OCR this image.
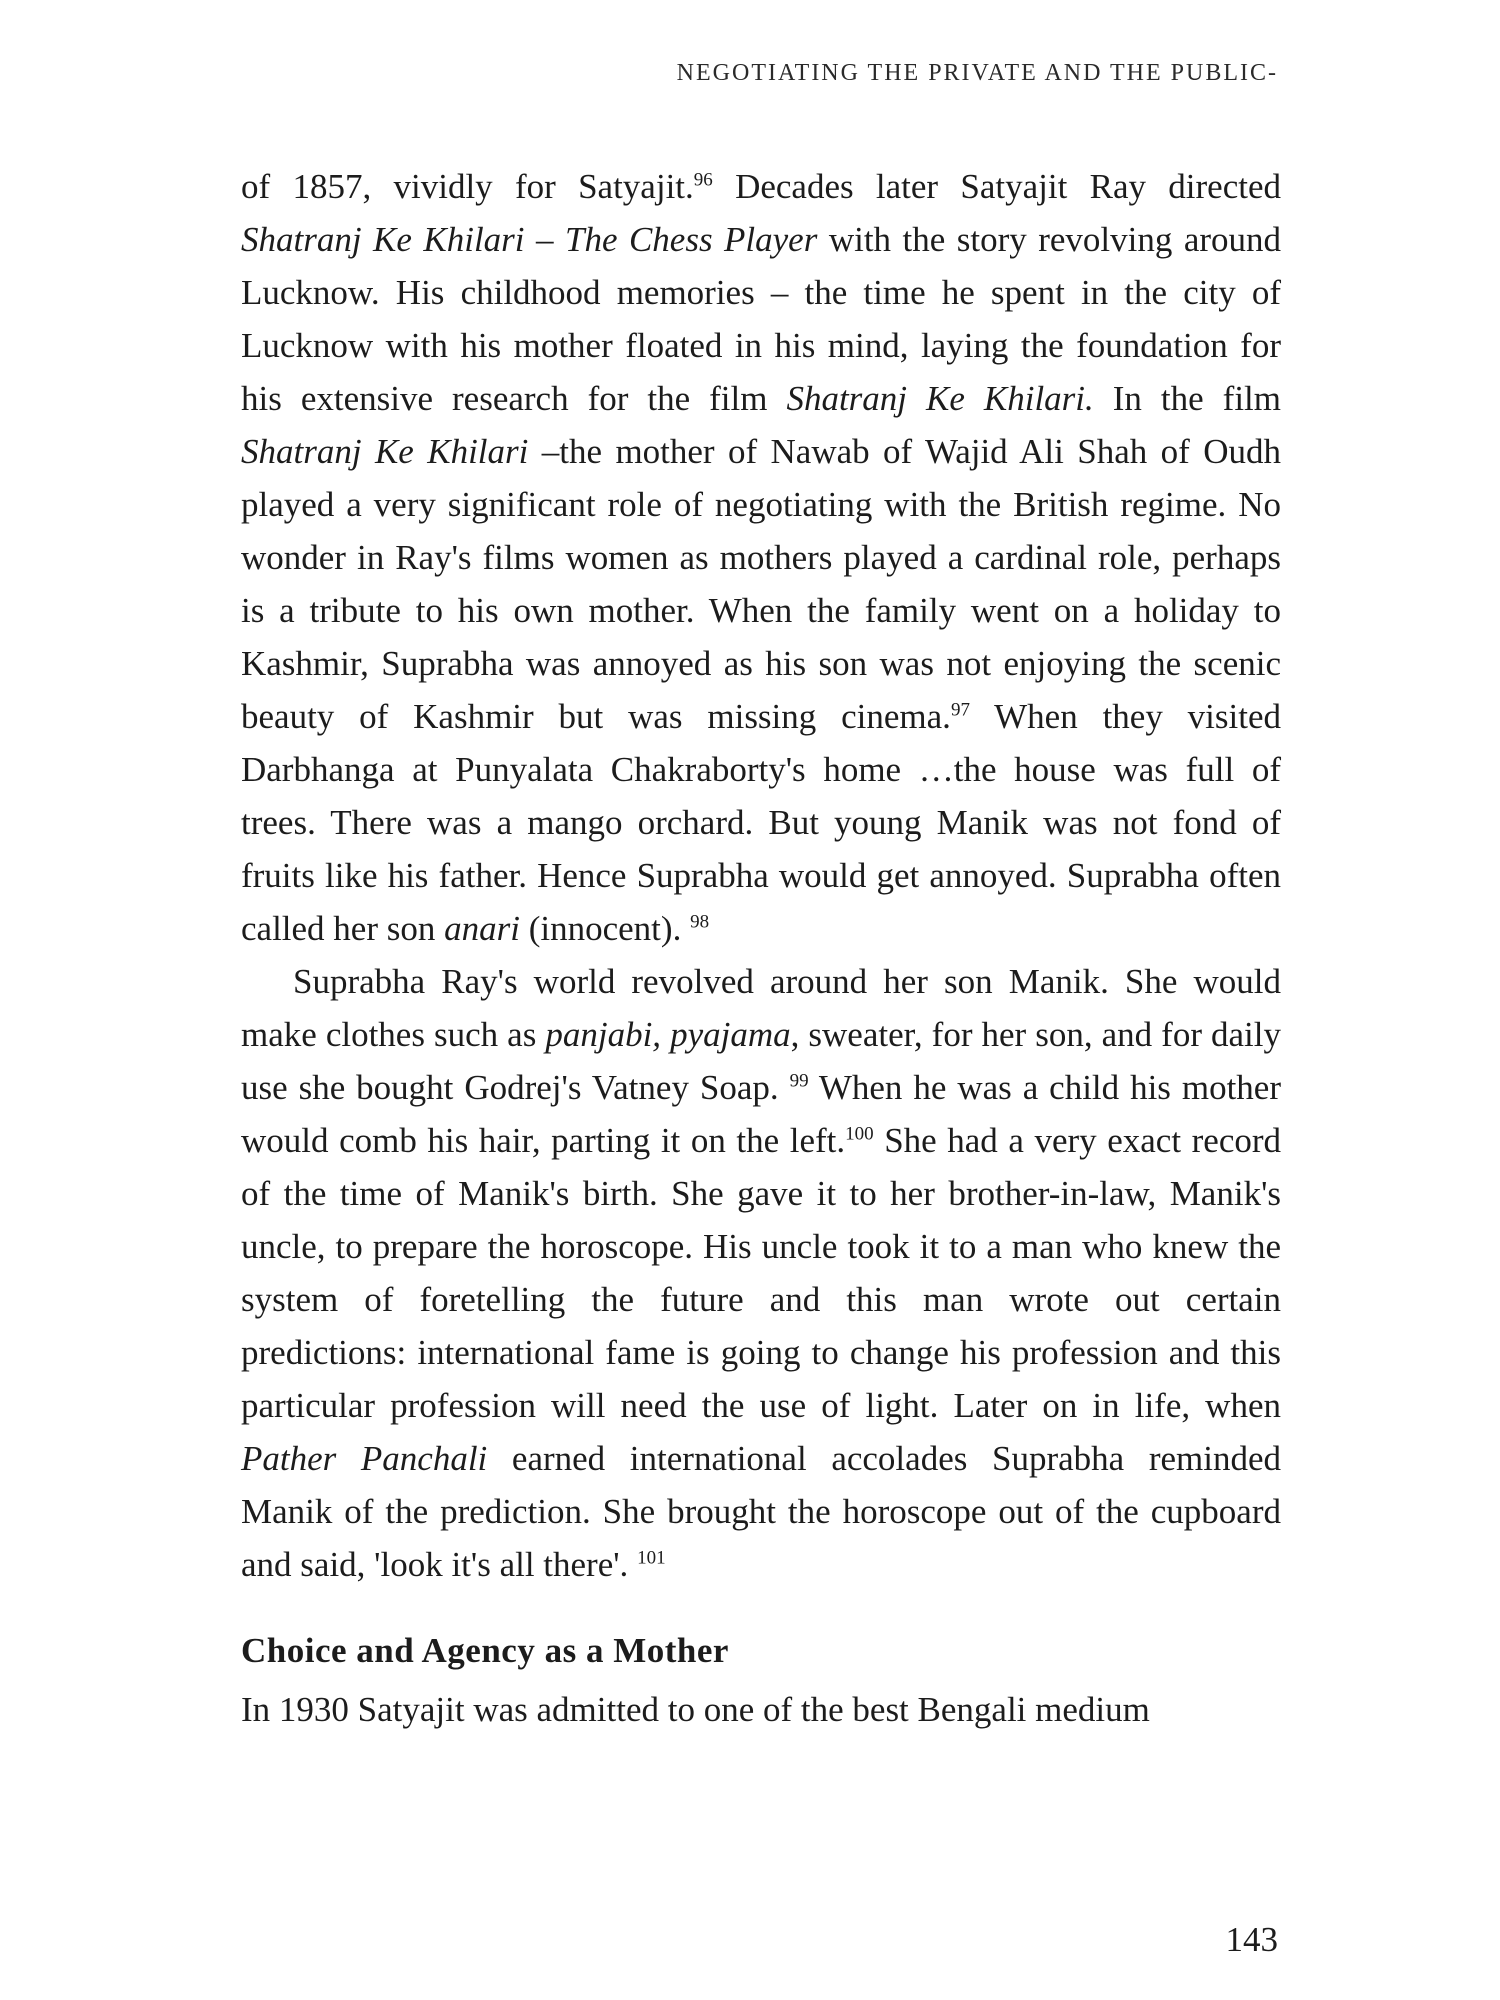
NEGOTIATING THE PRIVATE AND THE PUBLIC-

of 1857, vividly for Satyajit.$^{96}$ Decades later Satyajit Ray directed Shatranj Ke Khilari – The Chess Player with the story revolving around Lucknow. His childhood memories – the time he spent in the city of Lucknow with his mother floated in his mind, laying the foundation for his extensive research for the film Shatranj Ke Khilari. In the film Shatranj Ke Khilari –the mother of Nawab of Wajid Ali Shah of Oudh played a very significant role of negotiating with the British regime. No wonder in Ray's films women as mothers played a cardinal role, perhaps is a tribute to his own mother. When the family went on a holiday to Kashmir, Suprabha was annoyed as his son was not enjoying the scenic beauty of Kashmir but was missing cinema.$^{97}$ When they visited Darbhanga at Punyalata Chakraborty's home …the house was full of trees. There was a mango orchard. But young Manik was not fond of fruits like his father. Hence Suprabha would get annoyed. Suprabha often called her son anari (innocent). $^{98}$

Suprabha Ray's world revolved around her son Manik. She would make clothes such as panjabi, pyajama, sweater, for her son, and for daily use she bought Godrej's Vatney Soap. $^{99}$ When he was a child his mother would comb his hair, parting it on the left.$^{100}$ She had a very exact record of the time of Manik's birth. She gave it to her brother-in-law, Manik's uncle, to prepare the horoscope. His uncle took it to a man who knew the system of foretelling the future and this man wrote out certain predictions: international fame is going to change his profession and this particular profession will need the use of light. Later on in life, when Pather Panchali earned international accolades Suprabha reminded Manik of the prediction. She brought the horoscope out of the cupboard and said, 'look it's all there'. $^{101}$

Choice and Agency as a Mother

In 1930 Satyajit was admitted to one of the best Bengali medium

143
